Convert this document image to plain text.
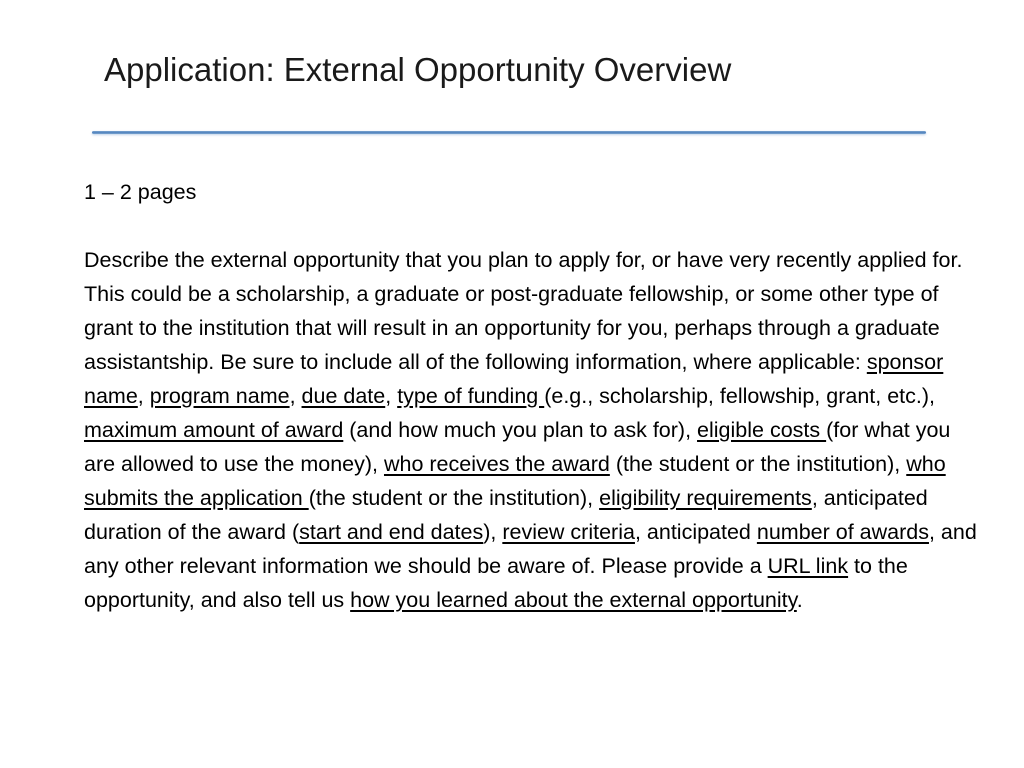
Application: External Opportunity Overview

1 – 2 pages

Describe the external opportunity that you plan to apply for, or have very recently applied for. This could be a scholarship, a graduate or post-graduate fellowship, or some other type of grant to the institution that will result in an opportunity for you, perhaps through a graduate assistantship. Be sure to include all of the following information, where applicable: sponsor name, program name, due date, type of funding (e.g., scholarship, fellowship, grant, etc.), maximum amount of award (and how much you plan to ask for), eligible costs (for what you are allowed to use the money), who receives the award (the student or the institution), who submits the application (the student or the institution), eligibility requirements, anticipated duration of the award (start and end dates), review criteria, anticipated number of awards, and any other relevant information we should be aware of. Please provide a URL link to the opportunity, and also tell us how you learned about the external opportunity.
